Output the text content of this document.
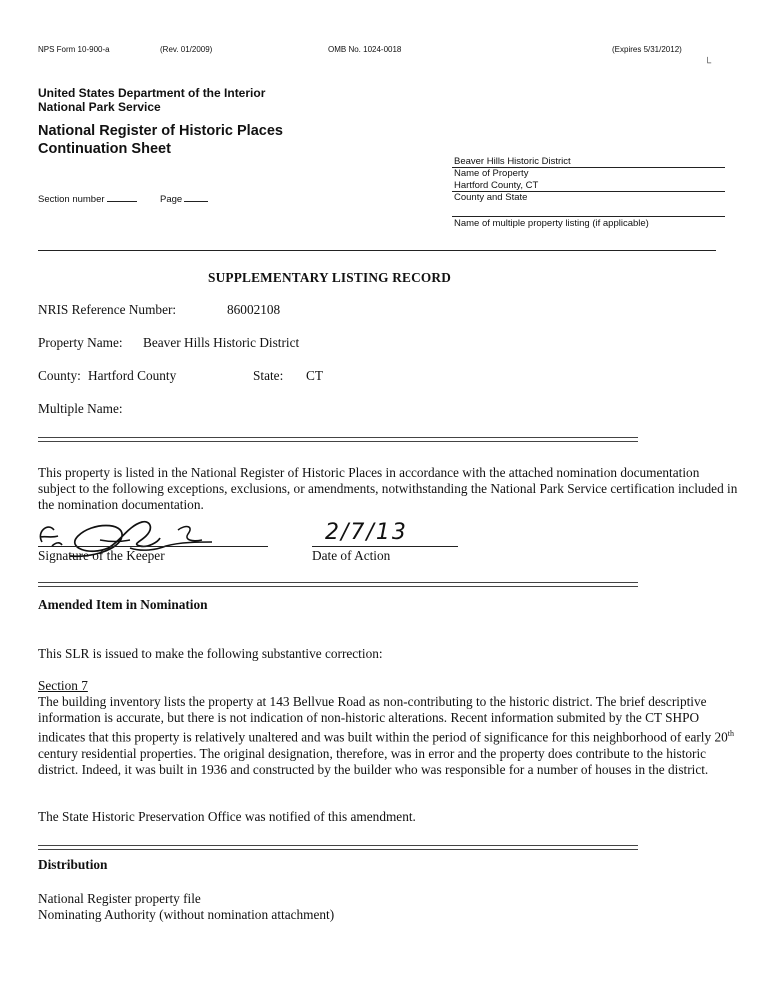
NPS Form 10-900-a	(Rev. 01/2009)	OMB No. 1024-0018	(Expires 5/31/2012)
└
United States Department of the Interior
National Park Service
National Register of Historic Places
Continuation Sheet
Beaver Hills Historic District
Name of Property
Hartford County, CT
County and State
Name of multiple property listing (if applicable)
Section number	Page
SUPPLEMENTARY LISTING RECORD
NRIS Reference Number:	86002108
Property Name: Beaver Hills Historic District
County: Hartford County	State: CT
Multiple Name:
This property is listed in the National Register of Historic Places in accordance with the attached nomination documentation subject to the following exceptions, exclusions, or amendments, notwithstanding the National Park Service certification included in the nomination documentation.
Signature of the Keeper
2/7/13
Date of Action
Amended Item in Nomination
This SLR is issued to make the following substantive correction:
Section 7
The building inventory lists the property at 143 Bellvue Road as non-contributing to the historic district. The brief descriptive information is accurate, but there is not indication of non-historic alterations. Recent information submited by the CT SHPO indicates that this property is relatively unaltered and was built within the period of significance for this neighborhood of early 20th century residential properties. The original designation, therefore, was in error and the property does contribute to the historic district. Indeed, it was built in 1936 and constructed by the builder who was responsible for a number of houses in the district.
The State Historic Preservation Office was notified of this amendment.
Distribution
National Register property file
Nominating Authority (without nomination attachment)
